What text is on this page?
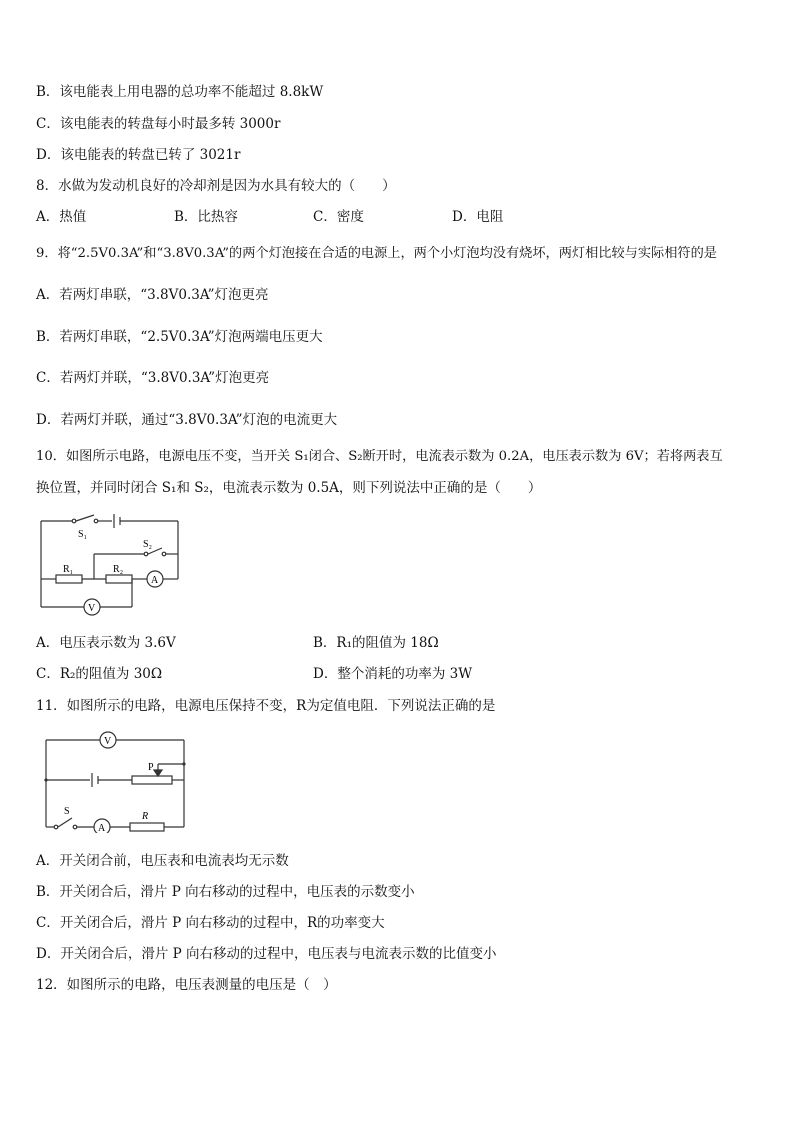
B．该电能表上用电器的总功率不能超过 8.8kW
C．该电能表的转盘每小时最多转 3000r
D．该电能表的转盘已转了 3021r
8．水做为发动机良好的冷却剂是因为水具有较大的（　　）
A．热值	B．比热容	C．密度	D．电阻
9．将“2.5V0.3A”和“3.8V0.3A”的两个灯泡接在合适的电源上，两个小灯泡均没有烧坏，两灯相比较与实际相符的是
A．若两灯串联，“3.8V0.3A”灯泡更亮
B．若两灯串联，“2.5V0.3A”灯泡两端电压更大
C．若两灯并联，“3.8V0.3A”灯泡更亮
D．若两灯并联，通过“3.8V0.3A”灯泡的电流更大
10．如图所示电路，电源电压不变，当开关 S₁闭合、S₂断开时，电流表示数为 0.2A，电压表示数为 6V；若将两表互
换位置，并同时闭合 S₁和 S₂，电流表示数为 0.5A，则下列说法中正确的是（　　）
S₁
S₂
R₁	R₂
A
V
A．电压表示数为 3.6V	B．R₁的阻值为 18Ω
C．R₂的阻值为 30Ω	D．整个消耗的功率为 3W
11．如图所示的电路，电源电压保持不变，R为定值电阻．下列说法正确的是
V
P
S
A
R
A．开关闭合前，电压表和电流表均无示数
B．开关闭合后，滑片 P 向右移动的过程中，电压表的示数变小
C．开关闭合后，滑片 P 向右移动的过程中，R的功率变大
D．开关闭合后，滑片 P 向右移动的过程中，电压表与电流表示数的比值变小
12．如图所示的电路，电压表测量的电压是（　）
